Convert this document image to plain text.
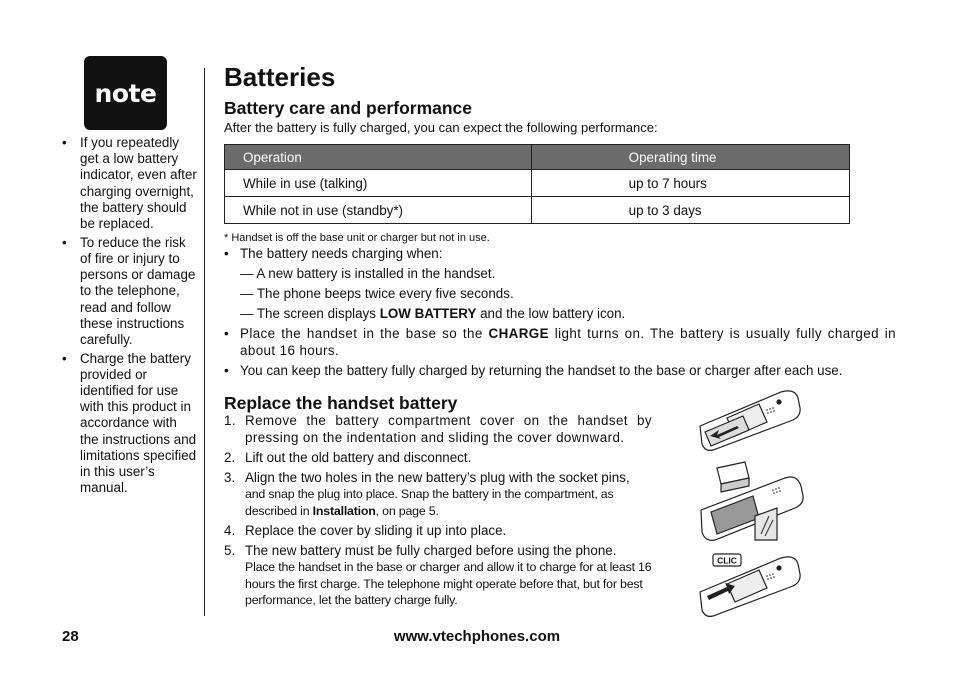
note
• If you repeatedly get a low battery indicator, even after charging overnight, the battery should be replaced.
• To reduce the risk of fire or injury to persons or damage to the telephone, read and follow these instructions carefully.
• Charge the battery provided or identified for use with this product in accordance with the instructions and limitations specified in this user’s manual.
Batteries
Battery care and performance
After the battery is fully charged, you can expect the following performance:
Operation	Operating time
While in use (talking)	up to 7 hours
While not in use (standby*)	up to 3 days
* Handset is off the base unit or charger but not in use.
• The battery needs charging when:
— A new battery is installed in the handset.
— The phone beeps twice every five seconds.
— The screen displays LOW BATTERY and the low battery icon.
• Place the handset in the base so the CHARGE light turns on. The battery is usually fully charged in about 16 hours.
• You can keep the battery fully charged by returning the handset to the base or charger after each use.
Replace the handset battery
1. Remove the battery compartment cover on the handset by pressing on the indentation and sliding the cover downward.
2. Lift out the old battery and disconnect.
3. Align the two holes in the new battery’s plug with the socket pins,
and snap the plug into place. Snap the battery in the compartment, as described in Installation, on page 5.
4. Replace the cover by sliding it up into place.
5. The new battery must be fully charged before using the phone.
Place the handset in the base or charger and allow it to charge for at least 16 hours the first charge. The telephone might operate before that, but for best performance, let the battery charge fully.
CLIC
28	www.vtechphones.com
